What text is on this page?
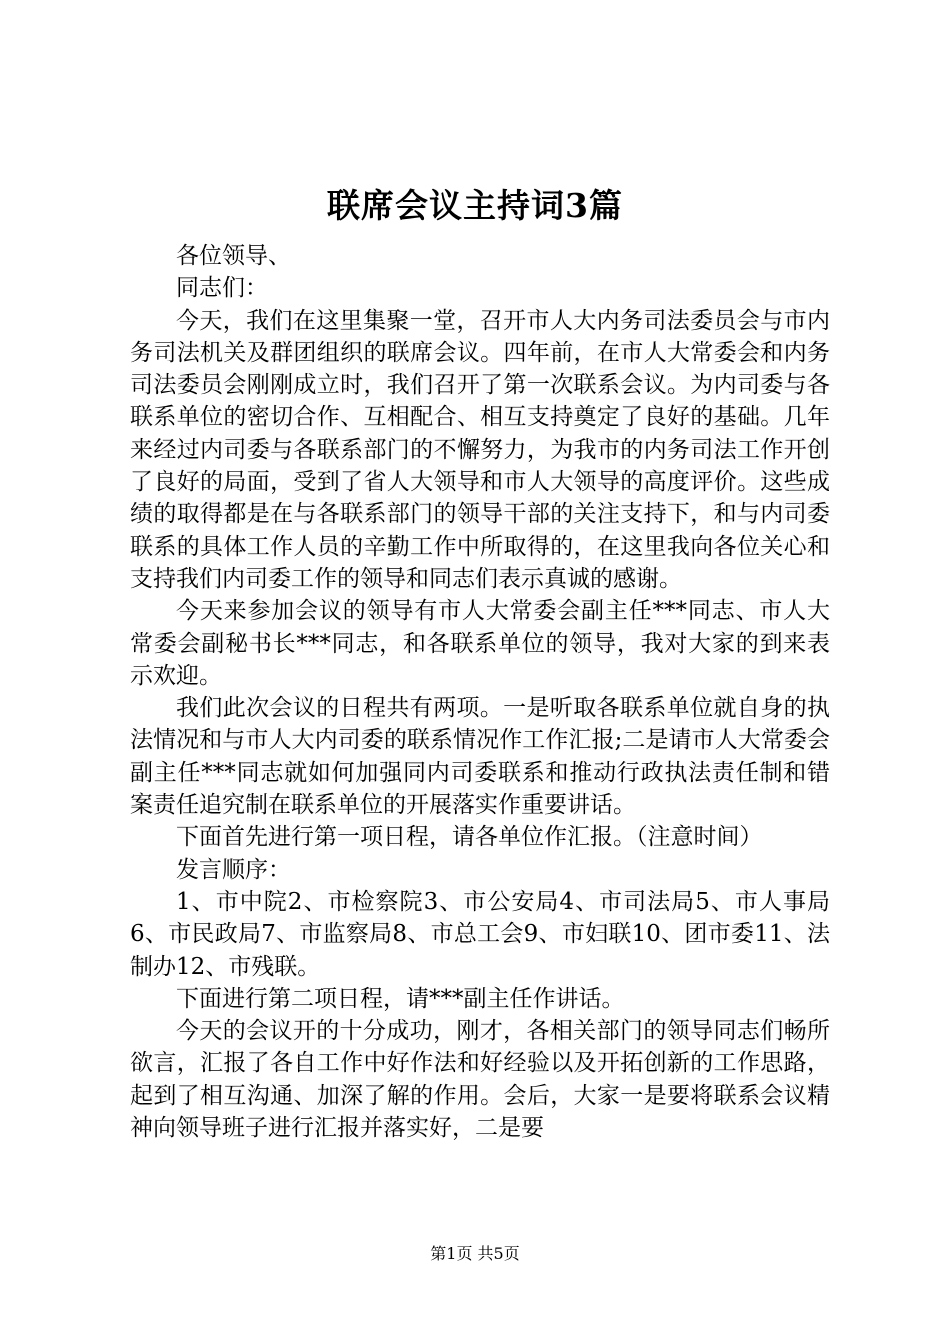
联席会议主持词3篇

各位领导、

同志们：

今天，我们在这里集聚一堂，召开市人大内务司法委员会与市内务司法机关及群团组织的联席会议。四年前，在市人大常委会和内务司法委员会刚刚成立时，我们召开了第一次联系会议。为内司委与各联系单位的密切合作、互相配合、相互支持奠定了良好的基础。几年来经过内司委与各联系部门的不懈努力，为我市的内务司法工作开创了良好的局面，受到了省人大领导和市人大领导的高度评价。这些成绩的取得都是在与各联系部门的领导干部的关注支持下，和与内司委联系的具体工作人员的辛勤工作中所取得的，在这里我向各位关心和支持我们内司委工作的领导和同志们表示真诚的感谢。

今天来参加会议的领导有市人大常委会副主任***同志、市人大常委会副秘书长***同志，和各联系单位的领导，我对大家的到来表示欢迎。

我们此次会议的日程共有两项。一是听取各联系单位就自身的执法情况和与市人大内司委的联系情况作工作汇报;二是请市人大常委会副主任***同志就如何加强同内司委联系和推动行政执法责任制和错案责任追究制在联系单位的开展落实作重要讲话。

下面首先进行第一项日程，请各单位作汇报。（注意时间）

发言顺序：

1、市中院2、市检察院3、市公安局4、市司法局5、市人事局6、市民政局7、市监察局8、市总工会9、市妇联10、团市委11、法制办12、市残联。

下面进行第二项日程，请***副主任作讲话。

今天的会议开的十分成功，刚才，各相关部门的领导同志们畅所欲言，汇报了各自工作中好作法和好经验以及开拓创新的工作思路，起到了相互沟通、加深了解的作用。会后，大家一是要将联系会议精神向领导班子进行汇报并落实好，二是要

第1页 共5页
